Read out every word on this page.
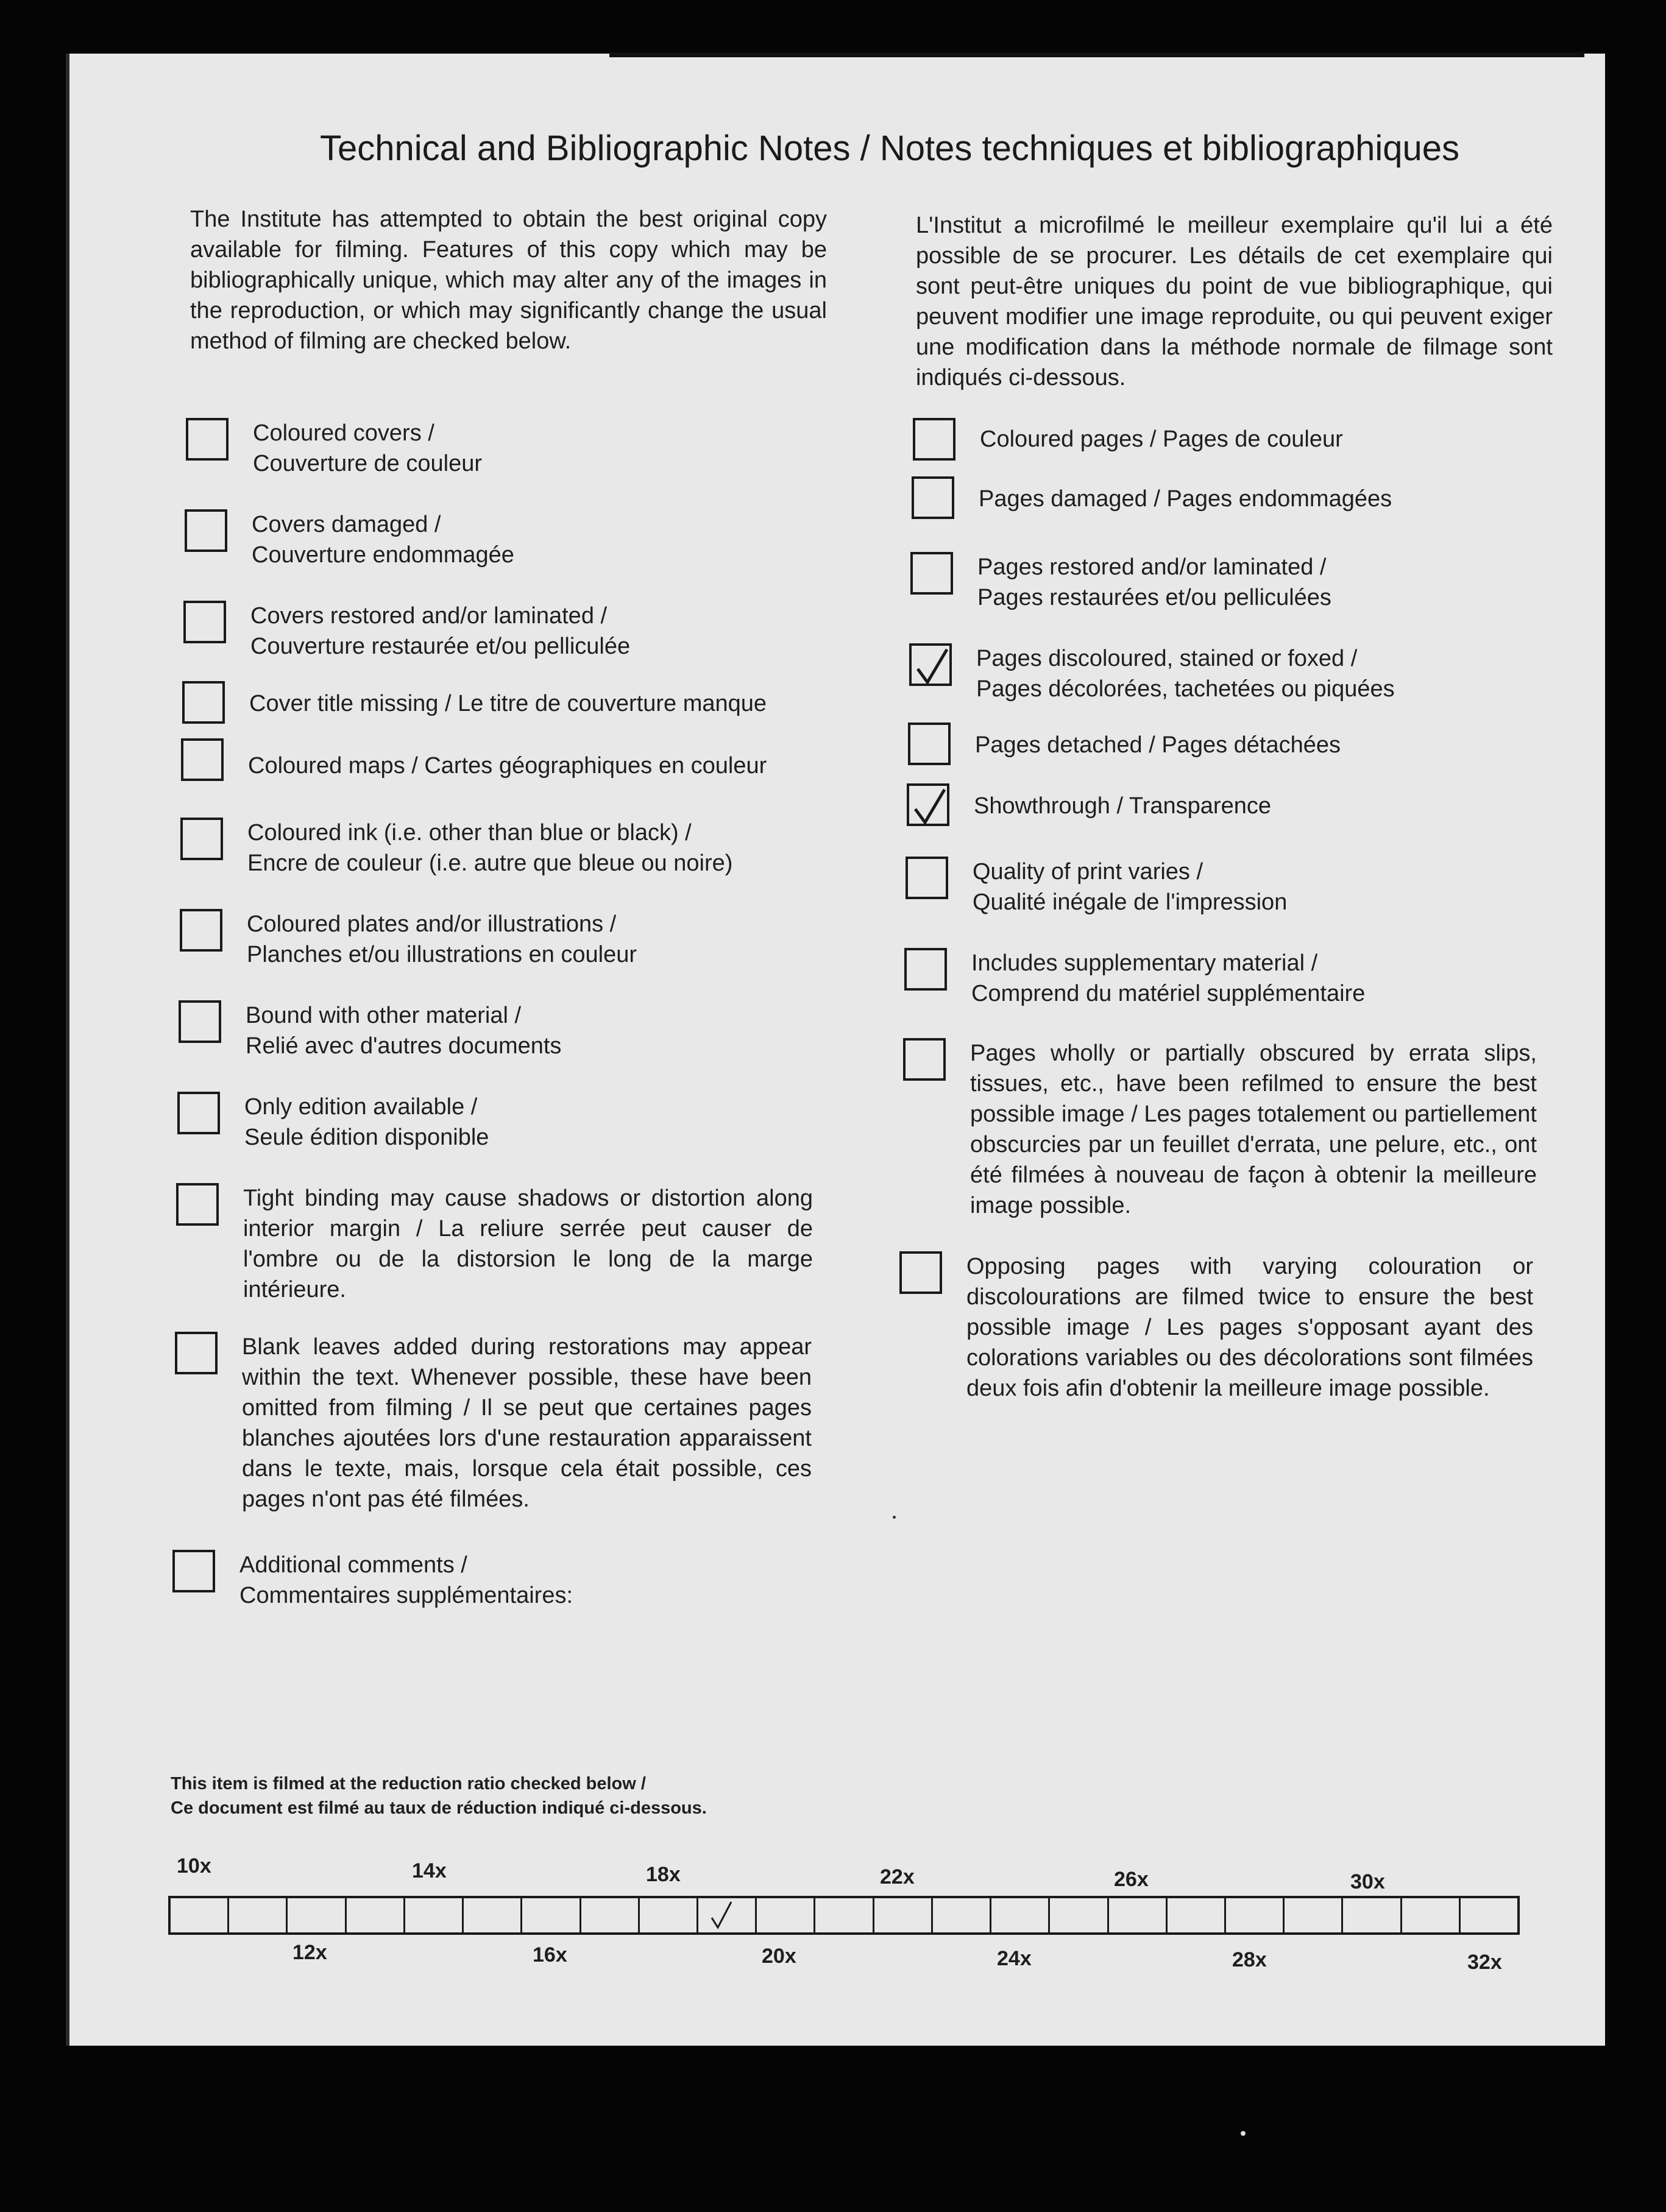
Technical and Bibliographic Notes / Notes techniques et bibliographiques
The Institute has attempted to obtain the best original copy available for filming. Features of this copy which may be bibliographically unique, which may alter any of the images in the reproduction, or which may significantly change the usual method of filming are checked below.
L'Institut a microfilmé le meilleur exemplaire qu'il lui a été possible de se procurer. Les détails de cet exemplaire qui sont peut-être uniques du point de vue bibliographique, qui peuvent modifier une image reproduite, ou qui peuvent exiger une modification dans la méthode normale de filmage sont indiqués ci-dessous.
Coloured covers /
Couverture de couleur
Covers damaged /
Couverture endommagée
Covers restored and/or laminated /
Couverture restaurée et/ou pelliculée
Cover title missing / Le titre de couverture manque
Coloured maps / Cartes géographiques en couleur
Coloured ink (i.e. other than blue or black) /
Encre de couleur (i.e. autre que bleue ou noire)
Coloured plates and/or illustrations /
Planches et/ou illustrations en couleur
Bound with other material /
Relié avec d'autres documents
Only edition available /
Seule édition disponible
Tight binding may cause shadows or distortion along interior margin / La reliure serrée peut causer de l'ombre ou de la distorsion le long de la marge intérieure.
Blank leaves added during restorations may appear within the text. Whenever possible, these have been omitted from filming / Il se peut que certaines pages blanches ajoutées lors d'une restauration apparaissent dans le texte, mais, lorsque cela était possible, ces pages n'ont pas été filmées.
Additional comments /
Commentaires supplémentaires:
Coloured pages / Pages de couleur
Pages damaged / Pages endommagées
Pages restored and/or laminated /
Pages restaurées et/ou pelliculées
Pages discoloured, stained or foxed /
Pages décolorées, tachetées ou piquées
Pages detached / Pages détachées
Showthrough / Transparence
Quality of print varies /
Qualité inégale de l'impression
Includes supplementary material /
Comprend du matériel supplémentaire
Pages wholly or partially obscured by errata slips, tissues, etc., have been refilmed to ensure the best possible image / Les pages totalement ou partiellement obscurcies par un feuillet d'errata, une pelure, etc., ont été filmées à nouveau de façon à obtenir la meilleure image possible.
Opposing pages with varying colouration or discolourations are filmed twice to ensure the best possible image / Les pages s'opposant ayant des colorations variables ou des décolorations sont filmées deux fois afin d'obtenir la meilleure image possible.
This item is filmed at the reduction ratio checked below /
Ce document est filmé au taux de réduction indiqué ci-dessous.
10x	14x	18x	22x	26x	30x
12x	16x	20x	24x	28x	32x
